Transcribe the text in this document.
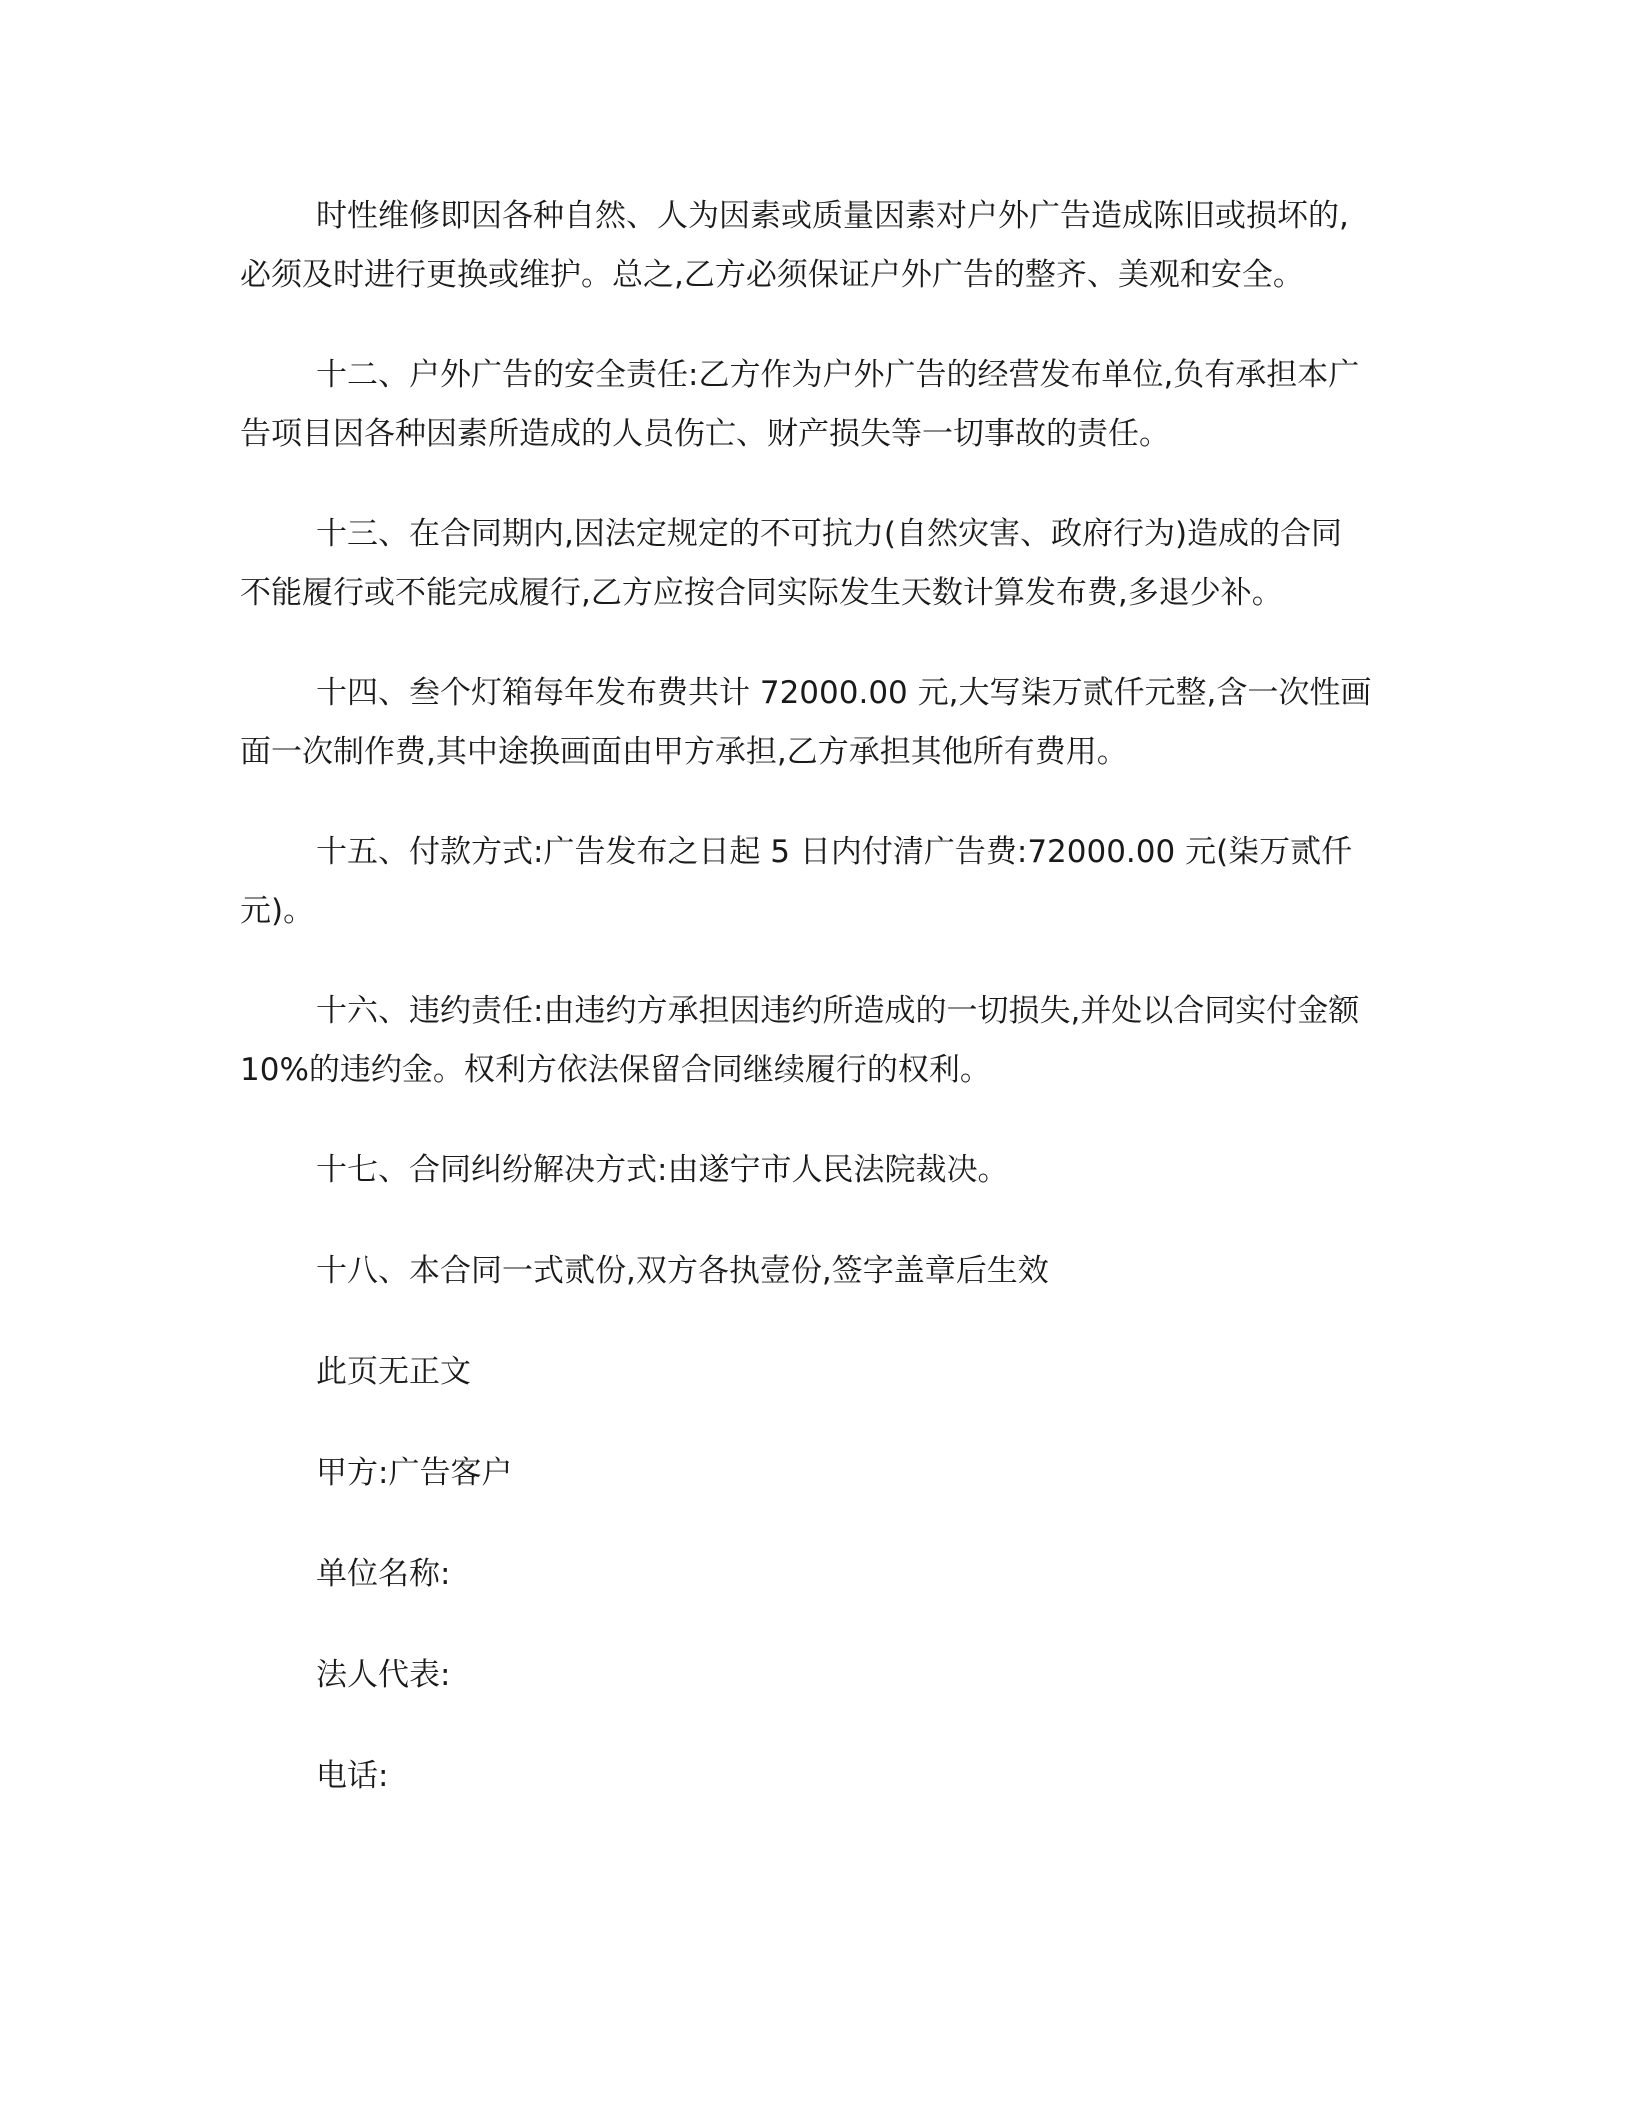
时性维修即因各种自然、人为因素或质量因素对户外广告造成陈旧或损坏的,
必须及时进行更换或维护。总之,乙方必须保证户外广告的整齐、美观和安全。
十二、户外广告的安全责任:乙方作为户外广告的经营发布单位,负有承担本广
告项目因各种因素所造成的人员伤亡、财产损失等一切事故的责任。
十三、在合同期内,因法定规定的不可抗力(自然灾害、政府行为)造成的合同
不能履行或不能完成履行,乙方应按合同实际发生天数计算发布费,多退少补。
十四、叁个灯箱每年发布费共计 72000.00 元,大写柒万贰仟元整,含一次性画
面一次制作费,其中途换画面由甲方承担,乙方承担其他所有费用。
十五、付款方式:广告发布之日起 5 日内付清广告费:72000.00 元(柒万贰仟
元)。
十六、违约责任:由违约方承担因违约所造成的一切损失,并处以合同实付金额
10%的违约金。权利方依法保留合同继续履行的权利。
十七、合同纠纷解决方式:由遂宁市人民法院裁决。
十八、本合同一式贰份,双方各执壹份,签字盖章后生效
此页无正文
甲方:广告客户
单位名称:
法人代表:
电话:
